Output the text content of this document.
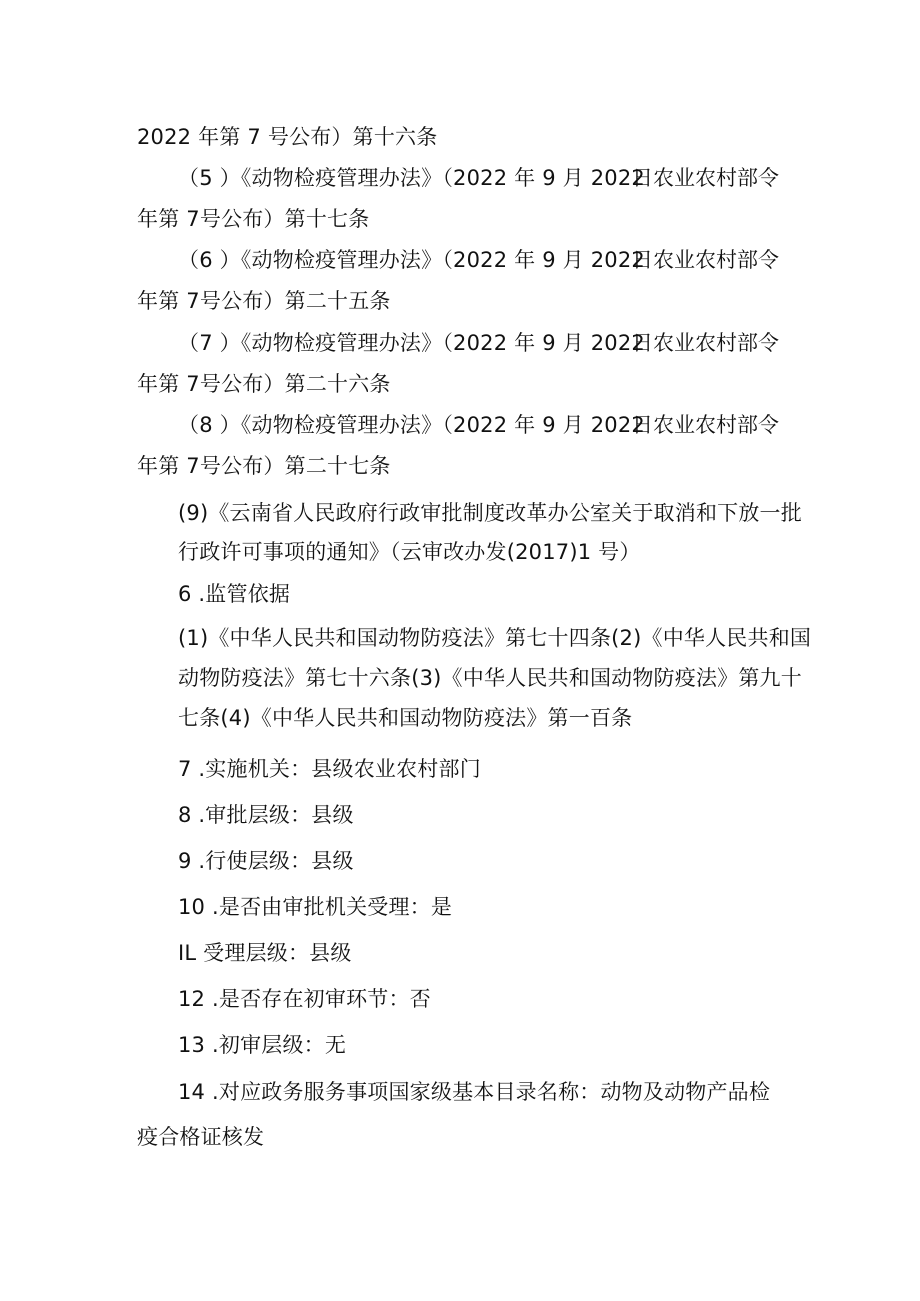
2022 年第 7 号公布）第十六条
（5 ）《动物检疫管理办法》（2022 年 9 月 2022
日农业农村部令
年第 7号公布）第十七条
（6 ）《动物检疫管理办法》（2022 年 9 月 2022
日农业农村部令
年第 7号公布）第二十五条
（7 ）《动物检疫管理办法》（2022 年 9 月 2022
日农业农村部令
年第 7号公布）第二十六条
（8 ）《动物检疫管理办法》（2022 年 9 月 2022
日农业农村部令
年第 7号公布）第二十七条
(9)《云南省人民政府行政审批制度改革办公室关于取消和下放一批
行政许可事项的通知》（云审改办发(2017)1 号）
6 .监管依据
(1)《中华人民共和国动物防疫法》第七十四条(2)《中华人民共和国
动物防疫法》第七十六条(3)《中华人民共和国动物防疫法》第九十
七条(4)《中华人民共和国动物防疫法》第一百条
7 .实施机关：县级农业农村部门
8 .审批层级：县级
9 .行使层级：县级
10 .是否由审批机关受理：是
IL 受理层级：县级
12 .是否存在初审环节：否
13 .初审层级：无
14 .对应政务服务事项国家级基本目录名称：动物及动物产品检
疫合格证核发
